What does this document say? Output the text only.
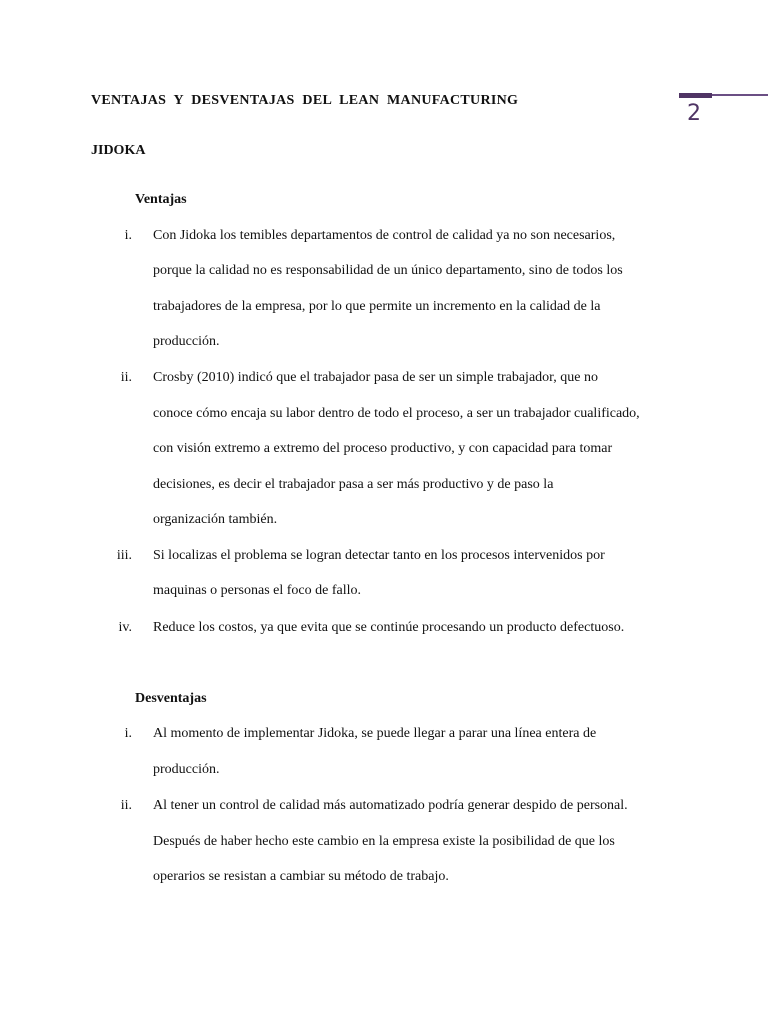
2
VENTAJAS Y DESVENTAJAS DEL LEAN MANUFACTURING
JIDOKA
Ventajas
i. Con Jidoka los temibles departamentos de control de calidad ya no son necesarios,
porque la calidad no es responsabilidad de un único departamento, sino de todos los
trabajadores de la empresa, por lo que permite un incremento en la calidad de la
producción.
ii. Crosby (2010) indicó que el trabajador pasa de ser un simple trabajador, que no
conoce cómo encaja su labor dentro de todo el proceso, a ser un trabajador cualificado,
con visión extremo a extremo del proceso productivo, y con capacidad para tomar
decisiones, es decir el trabajador pasa a ser más productivo y de paso la
organización también.
iii. Si localizas el problema se logran detectar tanto en los procesos intervenidos por
maquinas o personas el foco de fallo.
iv. Reduce los costos, ya que evita que se continúe procesando un producto defectuoso.
Desventajas
i. Al momento de implementar Jidoka, se puede llegar a parar una línea entera de
producción.
ii. Al tener un control de calidad más automatizado podría generar despido de personal.
Después de haber hecho este cambio en la empresa existe la posibilidad de que los
operarios se resistan a cambiar su método de trabajo.
